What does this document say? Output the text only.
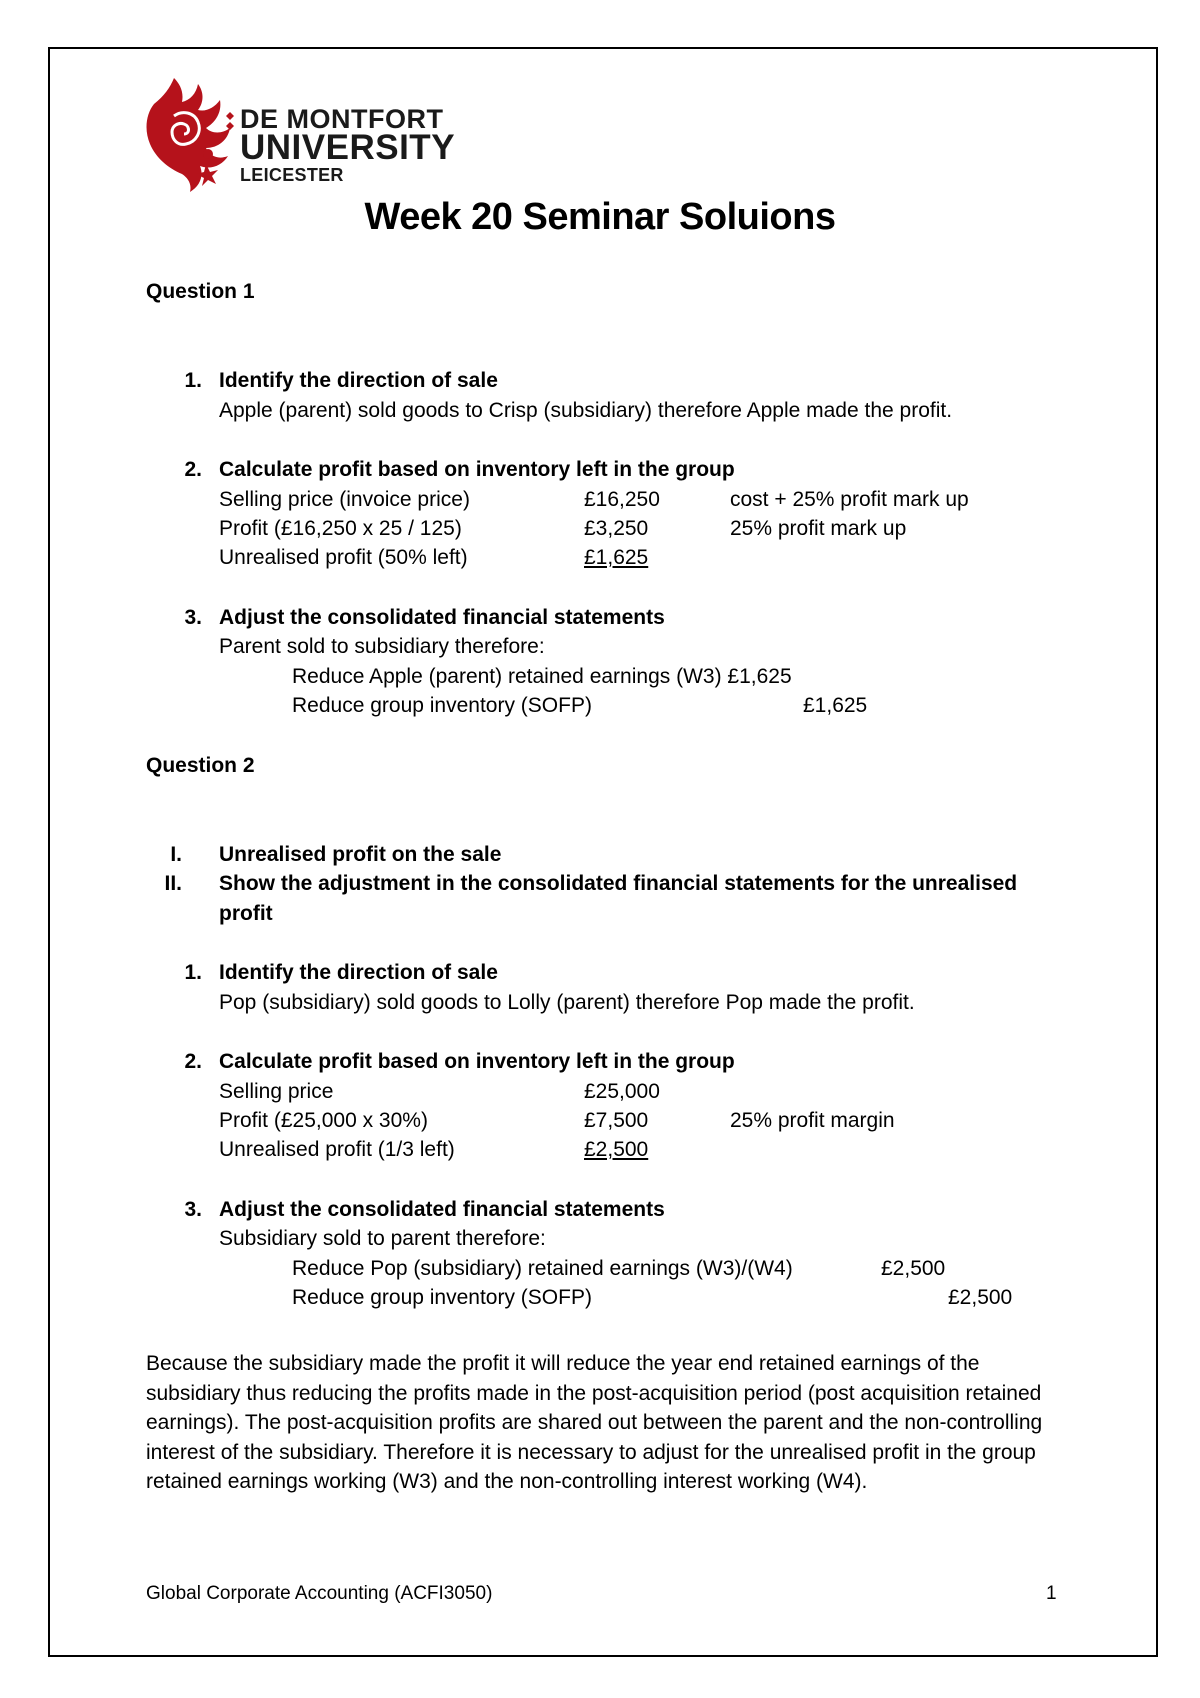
DE MONTFORT
UNIVERSITY
LEICESTER
Week 20 Seminar Soluions
Question 1
1. Identify the direction of sale
Apple (parent) sold goods to Crisp (subsidiary) therefore Apple made the profit.
2. Calculate profit based on inventory left in the group
Selling price (invoice price)	£16,250	cost + 25% profit mark up
Profit (£16,250 x 25 / 125)	£3,250	25% profit mark up
Unrealised profit (50% left)	£1,625
3. Adjust the consolidated financial statements
Parent sold to subsidiary therefore:
Reduce Apple (parent) retained earnings (W3) £1,625
Reduce group inventory (SOFP)	£1,625
Question 2
I. Unrealised profit on the sale
II. Show the adjustment in the consolidated financial statements for the unrealised
profit
1. Identify the direction of sale
Pop (subsidiary) sold goods to Lolly (parent) therefore Pop made the profit.
2. Calculate profit based on inventory left in the group
Selling price	£25,000
Profit (£25,000 x 30%)	£7,500	25% profit margin
Unrealised profit (1/3 left)	£2,500
3. Adjust the consolidated financial statements
Subsidiary sold to parent therefore:
Reduce Pop (subsidiary) retained earnings (W3)/(W4)	£2,500
Reduce group inventory (SOFP)	£2,500
Because the subsidiary made the profit it will reduce the year end retained earnings of the subsidiary thus reducing the profits made in the post-acquisition period (post acquisition retained earnings). The post-acquisition profits are shared out between the parent and the non-controlling interest of the subsidiary. Therefore it is necessary to adjust for the unrealised profit in the group retained earnings working (W3) and the non-controlling interest working (W4).
Global Corporate Accounting (ACFI3050)	1
